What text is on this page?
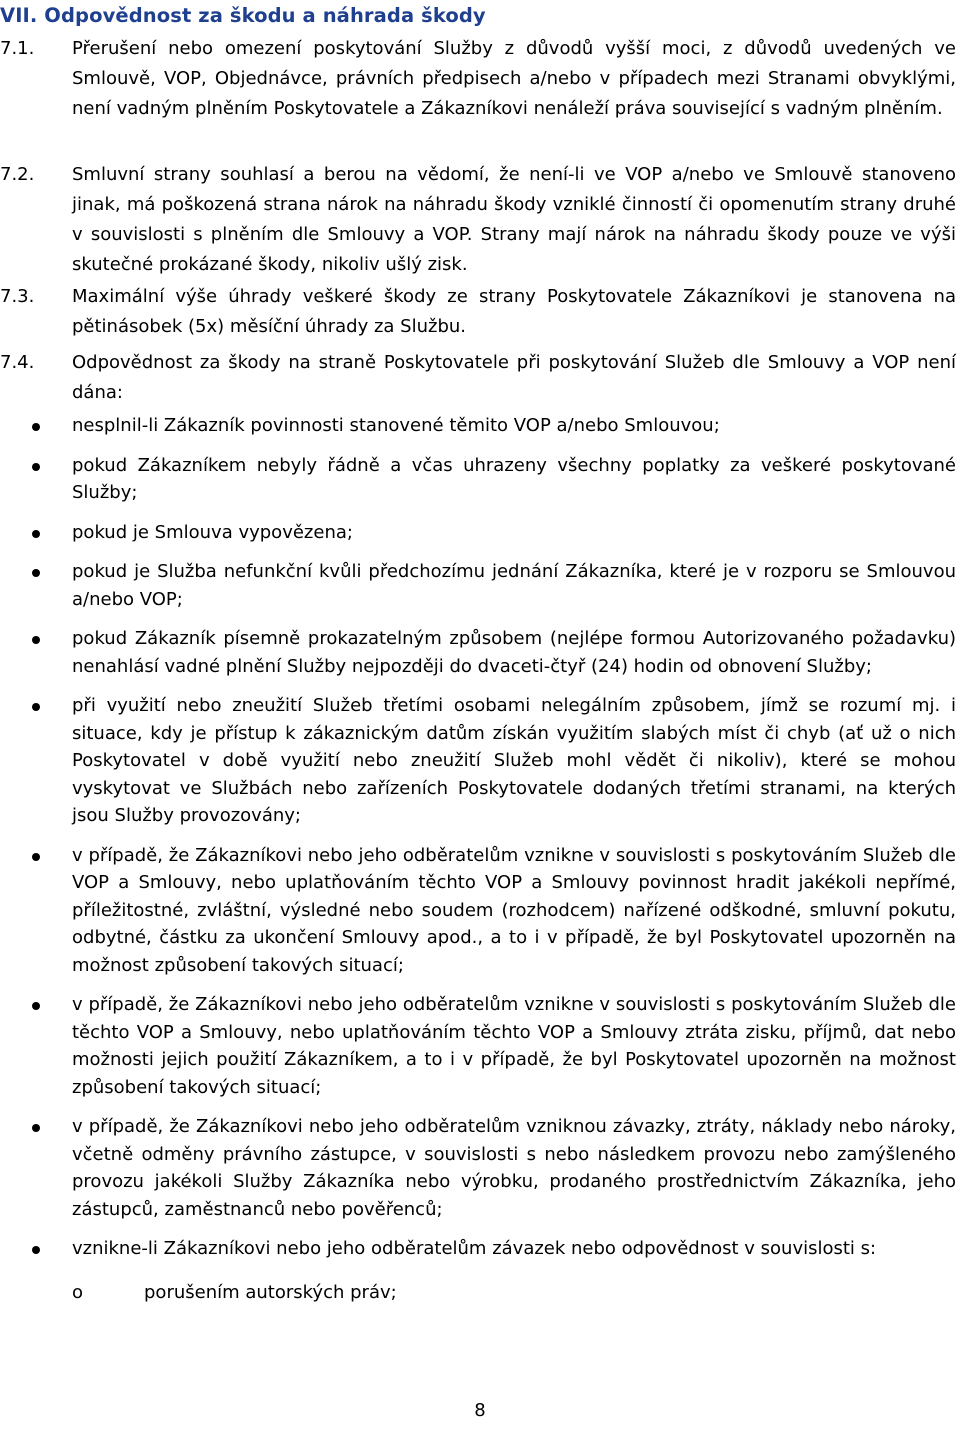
VII. Odpovědnost za škodu a náhrada škody
7.1. Přerušení nebo omezení poskytování Služby z důvodů vyšší moci, z důvodů uvedených ve Smlouvě, VOP, Objednávce, právních předpisech a/nebo v případech mezi Stranami obvyklými, není vadným plněním Poskytovatele a Zákazníkovi nenáleží práva související s vadným plněním.

7.2. Smluvní strany souhlasí a berou na vědomí, že není-li ve VOP a/nebo ve Smlouvě stanoveno jinak, má poškozená strana nárok na náhradu škody vzniklé činností či opomenutím strany druhé v souvislosti s plněním dle Smlouvy a VOP. Strany mají nárok na náhradu škody pouze ve výši skutečné prokázané škody, nikoliv ušlý zisk.

7.3. Maximální výše úhrady veškeré škody ze strany Poskytovatele Zákazníkovi je stanovena na pětinásobek (5x) měsíční úhrady za Službu.

7.4. Odpovědnost za škody na straně Poskytovatele při poskytování Služeb dle Smlouvy a VOP není dána:

nesplnil-li Zákazník povinnosti stanovené těmito VOP a/nebo Smlouvou;
pokud Zákazníkem nebyly řádně a včas uhrazeny všechny poplatky za veškeré poskytované Služby;
pokud je Smlouva vypovězena;
pokud je Služba nefunkční kvůli předchozímu jednání Zákazníka, které je v rozporu se Smlouvou a/nebo VOP;
pokud Zákazník písemně prokazatelným způsobem (nejlépe formou Autorizovaného požadavku) nenahlásí vadné plnění Služby nejpozději do dvaceti-čtyř (24) hodin od obnovení Služby;
při využití nebo zneužití Služeb třetími osobami nelegálním způsobem, jímž se rozumí mj. i situace, kdy je přístup k zákaznickým datům získán využitím slabých míst či chyb (ať už o nich Poskytovatel v době využití nebo zneužití Služeb mohl vědět či nikoliv), které se mohou vyskytovat ve Službách nebo zařízeních Poskytovatele dodaných třetími stranami, na kterých jsou Služby provozovány;
v případě, že Zákazníkovi nebo jeho odběratelům vznikne v souvislosti s poskytováním Služeb dle VOP a Smlouvy, nebo uplatňováním těchto VOP a Smlouvy povinnost hradit jakékoli nepřímé, příležitostné, zvláštní, výsledné nebo soudem (rozhodcem) nařízené odškodné, smluvní pokutu, odbytné, částku za ukončení Smlouvy apod., a to i v případě, že byl Poskytovatel upozorněn na možnost způsobení takových situací;
v případě, že Zákazníkovi nebo jeho odběratelům vznikne v souvislosti s poskytováním Služeb dle těchto VOP a Smlouvy, nebo uplatňováním těchto VOP a Smlouvy ztráta zisku, příjmů, dat nebo možnosti jejich použití Zákazníkem, a to i v případě, že byl Poskytovatel upozorněn na možnost způsobení takových situací;
v případě, že Zákazníkovi nebo jeho odběratelům vzniknou závazky, ztráty, náklady nebo nároky, včetně odměny právního zástupce, v souvislosti s nebo následkem provozu nebo zamýšleného provozu jakékoli Služby Zákazníka nebo výrobku, prodaného prostřednictvím Zákazníka, jeho zástupců, zaměstnanců nebo pověřenců;
vznikne-li Zákazníkovi nebo jeho odběratelům závazek nebo odpovědnost v souvislosti s:
o	porušením autorských práv;
8
